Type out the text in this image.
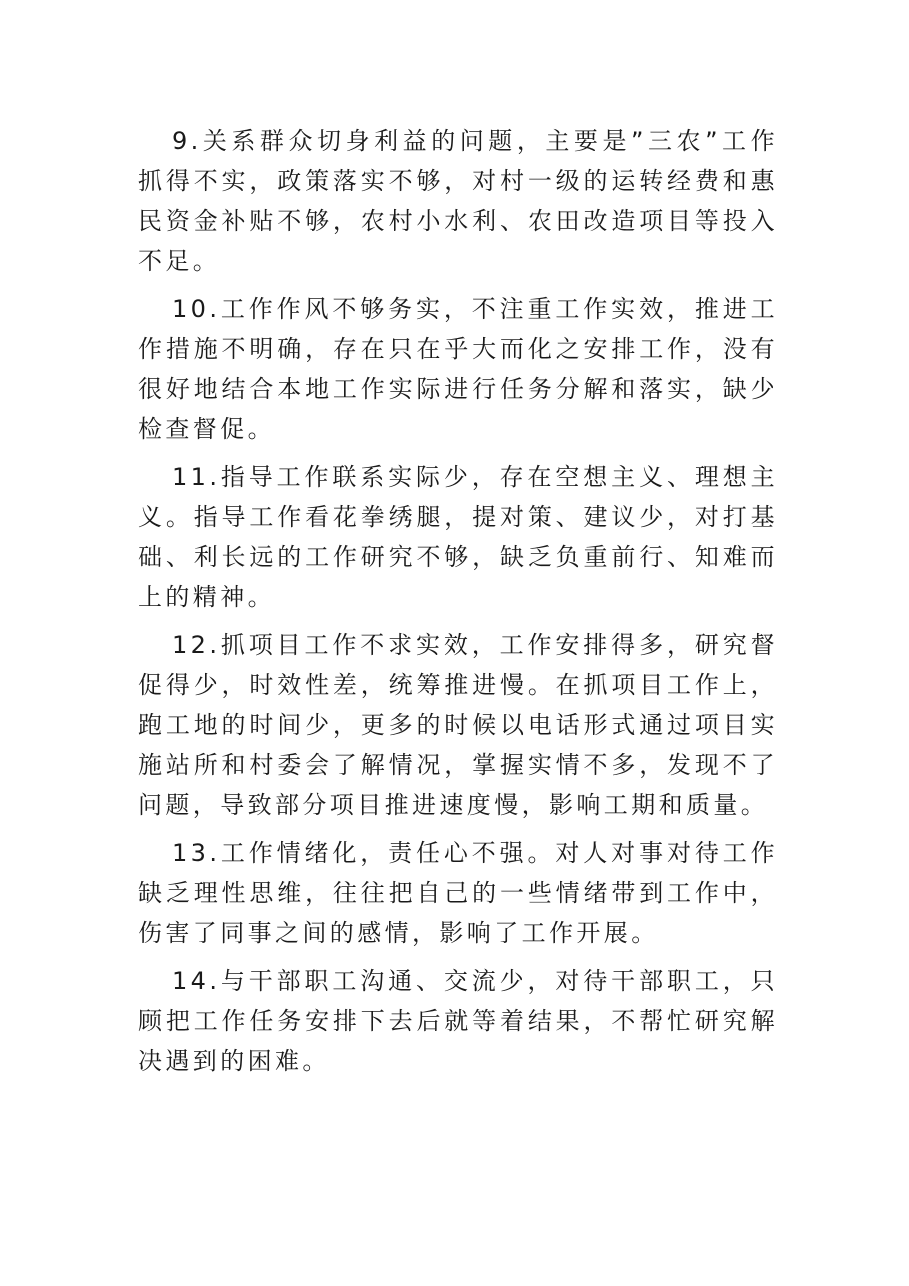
9.关系群众切身利益的问题，主要是”三农”工作抓得不实，政策落实不够，对村一级的运转经费和惠民资金补贴不够，农村小水利、农田改造项目等投入不足。

10.工作作风不够务实，不注重工作实效，推进工作措施不明确，存在只在乎大而化之安排工作，没有很好地结合本地工作实际进行任务分解和落实，缺少检查督促。

11.指导工作联系实际少，存在空想主义、理想主义。指导工作看花拳绣腿，提对策、建议少，对打基础、利长远的工作研究不够，缺乏负重前行、知难而上的精神。

12.抓项目工作不求实效，工作安排得多，研究督促得少，时效性差，统筹推进慢。在抓项目工作上，跑工地的时间少，更多的时候以电话形式通过项目实施站所和村委会了解情况，掌握实情不多，发现不了问题，导致部分项目推进速度慢，影响工期和质量。

13.工作情绪化，责任心不强。对人对事对待工作缺乏理性思维，往往把自己的一些情绪带到工作中，伤害了同事之间的感情，影响了工作开展。

14.与干部职工沟通、交流少，对待干部职工，只顾把工作任务安排下去后就等着结果，不帮忙研究解决遇到的困难。
